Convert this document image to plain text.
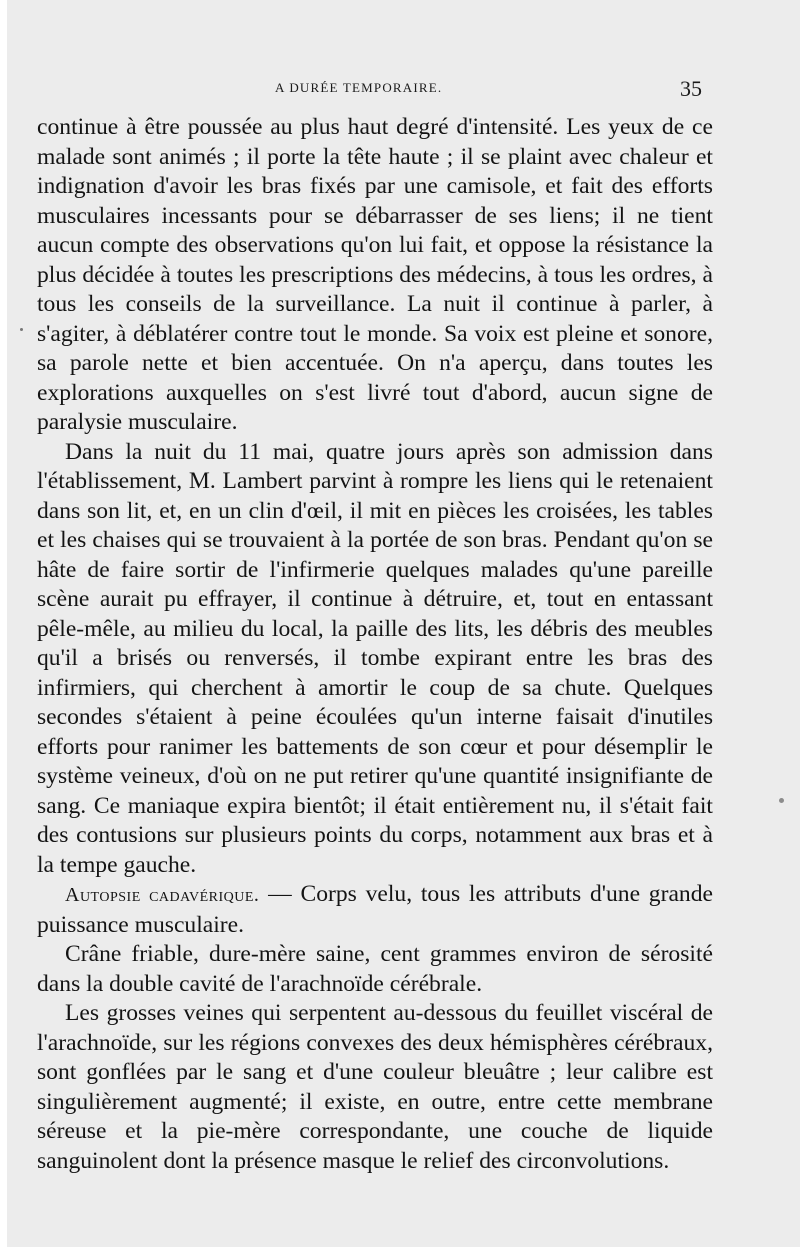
A DURÉE TEMPORAIRE.	35

continue à être poussée au plus haut degré d'intensité. Les yeux de ce malade sont animés ; il porte la tête haute ; il se plaint avec chaleur et indignation d'avoir les bras fixés par une camisole, et fait des efforts musculaires incessants pour se débarrasser de ses liens; il ne tient aucun compte des observations qu'on lui fait, et oppose la résistance la plus décidée à toutes les prescriptions des médecins, à tous les ordres, à tous les conseils de la surveillance. La nuit il continue à parler, à s'agiter, à déblatérer contre tout le monde. Sa voix est pleine et sonore, sa parole nette et bien accentuée. On n'a aperçu, dans toutes les explorations auxquelles on s'est livré tout d'abord, aucun signe de paralysie musculaire.

Dans la nuit du 11 mai, quatre jours après son admission dans l'établissement, M. Lambert parvint à rompre les liens qui le retenaient dans son lit, et, en un clin d'œil, il mit en pièces les croisées, les tables et les chaises qui se trouvaient à la portée de son bras. Pendant qu'on se hâte de faire sortir de l'infirmerie quelques malades qu'une pareille scène aurait pu effrayer, il continue à détruire, et, tout en entassant pêle-mêle, au milieu du local, la paille des lits, les débris des meubles qu'il a brisés ou renversés, il tombe expirant entre les bras des infirmiers, qui cherchent à amortir le coup de sa chute. Quelques secondes s'étaient à peine écoulées qu'un interne faisait d'inutiles efforts pour ranimer les battements de son cœur et pour désemplir le système veineux, d'où on ne put retirer qu'une quantité insignifiante de sang. Ce maniaque expira bientôt; il était entièrement nu, il s'était fait des contusions sur plusieurs points du corps, notamment aux bras et à la tempe gauche.

Autopsie cadavérique. — Corps velu, tous les attributs d'une grande puissance musculaire.

Crâne friable, dure-mère saine, cent grammes environ de sérosité dans la double cavité de l'arachnoïde cérébrale.

Les grosses veines qui serpentent au-dessous du feuillet viscéral de l'arachnoïde, sur les régions convexes des deux hémisphères cérébraux, sont gonflées par le sang et d'une couleur bleuâtre ; leur calibre est singulièrement augmenté; il existe, en outre, entre cette membrane séreuse et la pie-mère correspondante, une couche de liquide sanguinolent dont la présence masque le relief des circonvolutions.
